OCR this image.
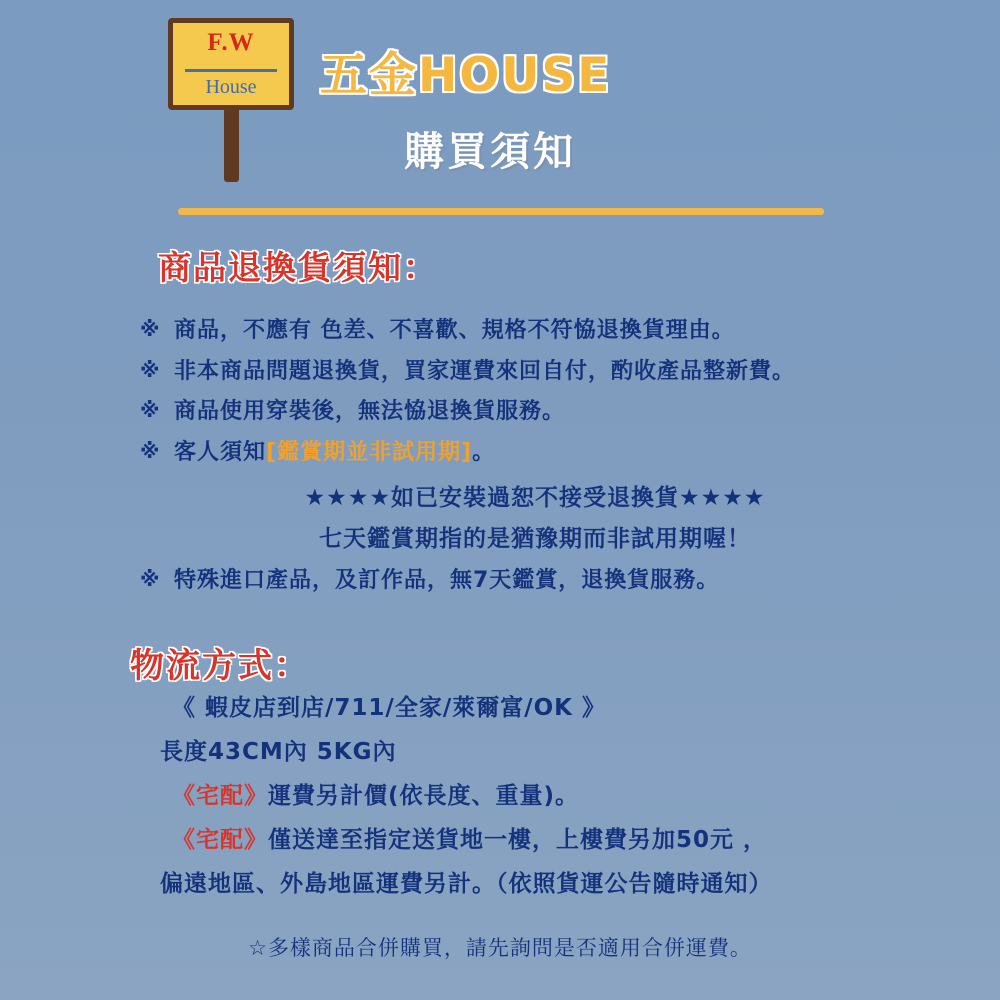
F.W
House	五金HOUSE
購買須知
商品退換貨須知：
※ 商品，不應有 色差、不喜歡、規格不符恊退換貨理由。
※ 非本商品問題退換貨，買家運費來回自付，酌收產品整新費。
※ 商品使用穿裝後，無法恊退換貨服務。
※ 客人須知[鑑賞期並非試用期]。
★★★★如已安裝過恕不接受退換貨★★★★
七天鑑賞期指的是猶豫期而非試用期喔！
※ 特殊進口產品，及訂作品，無7天鑑賞，退換貨服務。
物流方式：
《 蝦皮店到店/711/全家/萊爾富/OK 》
長度43CM內 5KG內
《宅配》運費另計價(依長度、重量)。
《宅配》僅送達至指定送貨地一樓，上樓費另加50元 ，
偏遠地區、外島地區運費另計。（依照貨運公告隨時通知）
☆多樣商品合併購買，請先詢問是否適用合併運費。
